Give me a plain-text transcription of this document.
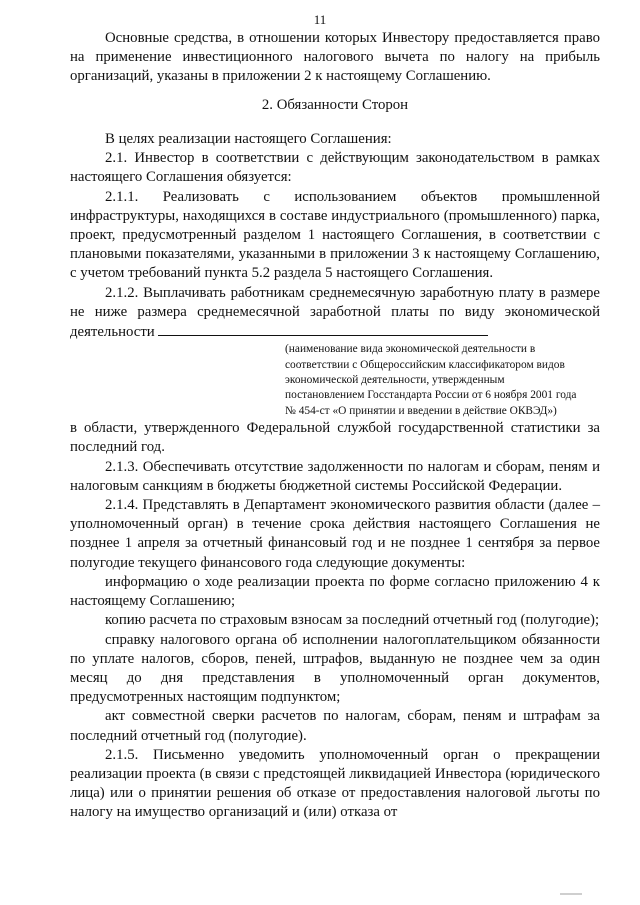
11

Основные средства, в отношении которых Инвестору предоставляется право на применение инвестиционного налогового вычета по налогу на прибыль организаций, указаны в приложении 2 к настоящему Соглашению.

2. Обязанности Сторон

В целях реализации настоящего Соглашения:

2.1. Инвестор в соответствии с действующим законодательством в рамках настоящего Соглашения обязуется:

2.1.1. Реализовать с использованием объектов промышленной инфраструктуры, находящихся в составе индустриального (промышленного) парка, проект, предусмотренный разделом 1 настоящего Соглашения, в соответствии с плановыми показателями, указанными в приложении 3 к настоящему Соглашению, с учетом требований пункта 5.2 раздела 5 настоящего Соглашения.

2.1.2. Выплачивать работникам среднемесячную заработную плату в размере не ниже размера среднемесячной заработной платы по виду экономической деятельности

(наименование вида экономической деятельности в соответствии с Общероссийским классификатором видов экономической деятельности, утвержденным постановлением Госстандарта России от 6 ноября 2001 года № 454-ст «О принятии и введении в действие ОКВЭД»)

в области, утвержденного Федеральной службой государственной статистики за последний год.

2.1.3. Обеспечивать отсутствие задолженности по налогам и сборам, пеням и налоговым санкциям в бюджеты бюджетной системы Российской Федерации.

2.1.4. Представлять в Департамент экономического развития области (далее – уполномоченный орган) в течение срока действия настоящего Соглашения не позднее 1 апреля за отчетный финансовый год и не позднее 1 сентября за первое полугодие текущего финансового года следующие документы:

информацию о ходе реализации проекта по форме согласно приложению 4 к настоящему Соглашению;

копию расчета по страховым взносам за последний отчетный год (полугодие);

справку налогового органа об исполнении налогоплательщиком обязанности по уплате налогов, сборов, пеней, штрафов, выданную не позднее чем за один месяц до дня представления в уполномоченный орган документов, предусмотренных настоящим подпунктом;

акт совместной сверки расчетов по налогам, сборам, пеням и штрафам за последний отчетный год (полугодие).

2.1.5. Письменно уведомить уполномоченный орган о прекращении реализации проекта (в связи с предстоящей ликвидацией Инвестора (юридического лица) или о принятии решения об отказе от предоставления налоговой льготы по налогу на имущество организаций и (или) отказа от
